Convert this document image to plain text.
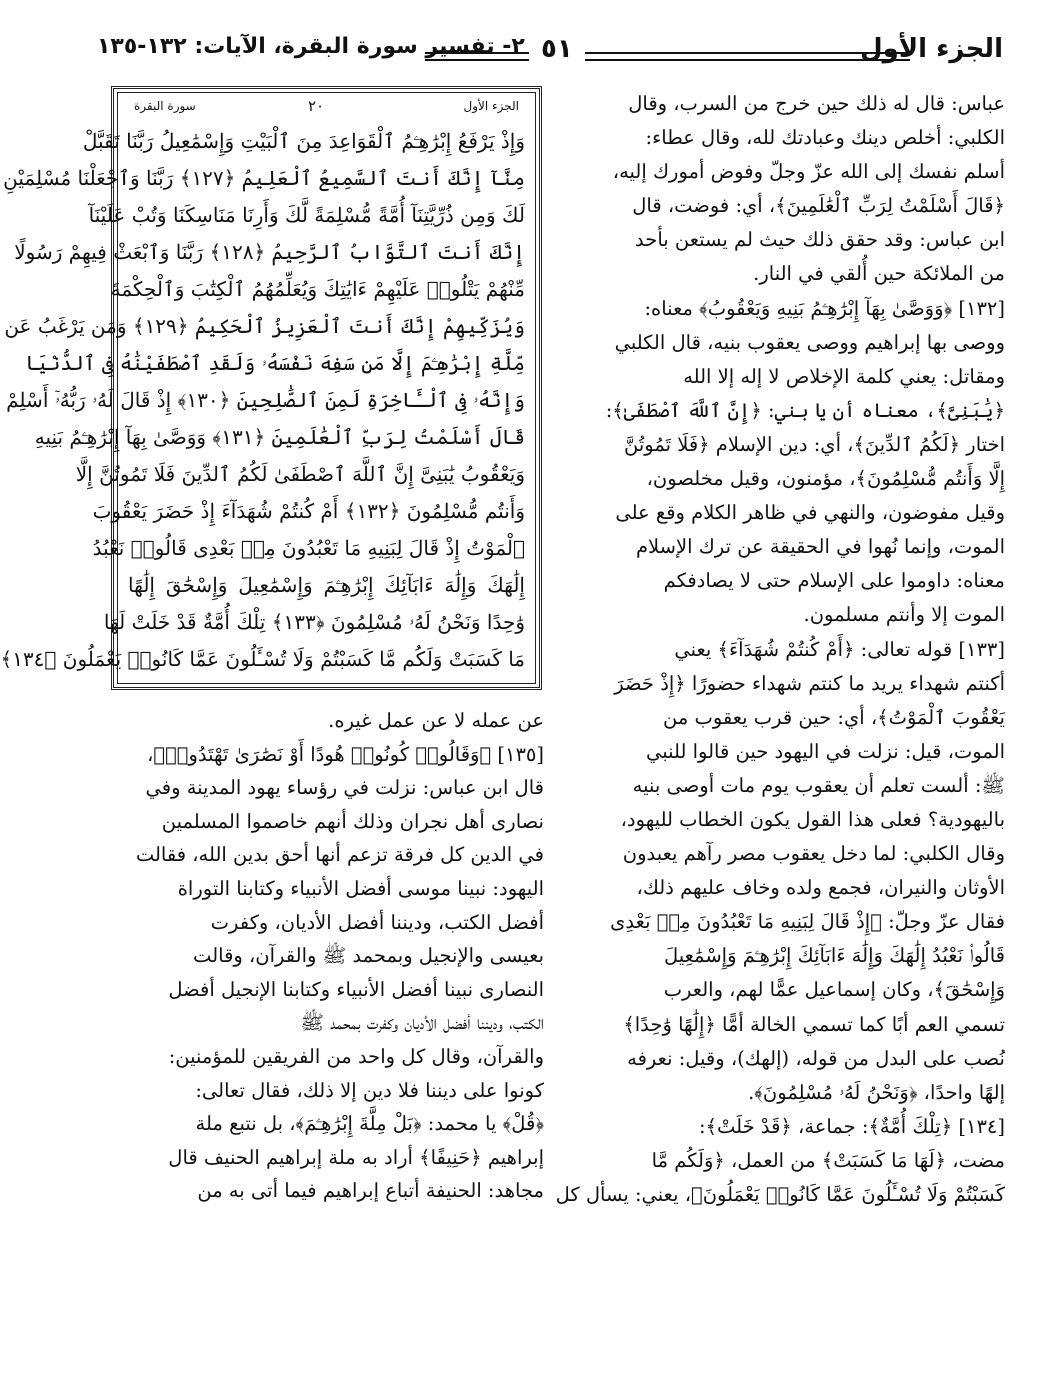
الجزء الأول
٥١
٢- تفسير سورة البقرة، الآيات: ١٣٢-١٣٥
عباس: قال له ذلك حين خرج من السرب، وقال
الكلبي: أخلص دينك وعبادتك لله، وقال عطاء:
أسلم نفسك إلى الله عزّ وجلّ وفوض أمورك إليه،
﴿قَالَ أَسْلَمْتُ لِرَبِّ ٱلْعَٰلَمِينَ﴾، أي: فوضت، قال
ابن عباس: وقد حقق ذلك حيث لم يستعن بأحد
من الملائكة حين أُلقي في النار.
[١٣٢] ﴿وَوَصَّىٰ بِهَآ إِبْرَٰهِـۧمُ بَنِيهِ وَيَعْقُوبُ﴾ معناه:
ووصى بها إبراهيم ووصى يعقوب بنيه، قال الكلبي
ومقاتل: يعني كلمة الإخلاص لا إله إلا الله
﴿يَٰبَنِىَّ﴾، معناه أن يا بني: ﴿إِنَّ ٱللَّهَ ٱصْطَفَىٰ﴾:
اختار ﴿لَكُمُ ٱلدِّينَ﴾، أي: دين الإسلام ﴿فَلَا تَمُوتُنَّ
إِلَّا وَأَنتُم مُّسْلِمُونَ﴾، مؤمنون، وقيل مخلصون،
وقيل مفوضون، والنهي في ظاهر الكلام وقع على
الموت، وإنما نُهوا في الحقيقة عن ترك الإسلام
معناه: داوموا على الإسلام حتى لا يصادفكم
الموت إلا وأنتم مسلمون.
[١٣٣] قوله تعالى: ﴿أَمْ كُنتُمْ شُهَدَآءَ﴾ يعني
أكنتم شهداء يريد ما كنتم شهداء حضورًا ﴿إِذْ حَضَرَ
يَعْقُوبَ ٱلْمَوْتُ﴾، أي: حين قرب يعقوب من
الموت، قيل: نزلت في اليهود حين قالوا للنبي
ﷺ: ألست تعلم أن يعقوب يوم مات أوصى بنيه
باليهودية؟ فعلى هذا القول يكون الخطاب لليهود،
وقال الكلبي: لما دخل يعقوب مصر رآهم يعبدون
الأوثان والنيران، فجمع ولده وخاف عليهم ذلك،
فقال عزّ وجلّ: ﴿إِذْ قَالَ لِبَنِيهِ مَا تَعْبُدُونَ مِنۢ بَعْدِى
قَالُوا۟ نَعْبُدُ إِلَٰهَكَ وَإِلَٰهَ ءَابَآئِكَ إِبْرَٰهِـۧمَ وَإِسْمَٰعِيلَ
وَإِسْحَٰقَ﴾، وكان إسماعيل عمًّا لهم، والعرب
تسمي العم أبًا كما تسمي الخالة أمًّا ﴿إِلَٰهًا وَٰحِدًا﴾
نُصب على البدل من قوله، (إلهك)، وقيل: نعرفه
إلهًا واحدًا، ﴿وَنَحْنُ لَهُۥ مُسْلِمُونَ﴾.
[١٣٤] ﴿تِلْكَ أُمَّةٌ﴾: جماعة، ﴿قَدْ خَلَتْ﴾:
مضت، ﴿لَهَا مَا كَسَبَتْ﴾ من العمل، ﴿وَلَكُم مَّا
كَسَبْتُمْ وَلَا تُسْـَٔلُونَ عَمَّا كَانُوا۟ يَعْمَلُونَ﴾، يعني: يسأل كل
الجزء الأول
٢٠
سورة البقرة
وَإِذْ يَرْفَعُ إِبْرَٰهِـۧمُ ٱلْقَوَاعِدَ مِنَ ٱلْبَيْتِ وَإِسْمَٰعِيلُ رَبَّنَا تَقَبَّلْ
مِنَّآ إِنَّكَ أَنتَ ٱلسَّمِيعُ ٱلْعَلِيمُ ﴿١٢٧﴾ رَبَّنَا وَٱجْعَلْنَا مُسْلِمَيْنِ
لَكَ وَمِن ذُرِّيَّتِنَآ أُمَّةً مُّسْلِمَةً لَّكَ وَأَرِنَا مَنَاسِكَنَا وَتُبْ عَلَيْنَآ
إِنَّكَ أَنتَ ٱلتَّوَّابُ ٱلرَّحِيمُ ﴿١٢٨﴾ رَبَّنَا وَٱبْعَثْ فِيهِمْ رَسُولًا
مِّنْهُمْ يَتْلُوا۟ عَلَيْهِمْ ءَايَٰتِكَ وَيُعَلِّمُهُمُ ٱلْكِتَٰبَ وَٱلْحِكْمَةَ
وَيُزَكِّيهِمْ إِنَّكَ أَنتَ ٱلْعَزِيزُ ٱلْحَكِيمُ ﴿١٢٩﴾ وَمَن يَرْغَبُ عَن
مِّلَّةِ إِبْرَٰهِـۧمَ إِلَّا مَن سَفِهَ نَفْسَهُۥ وَلَقَدِ ٱصْطَفَيْنَٰهُ فِى ٱلدُّنْيَا
وَإِنَّهُۥ فِى ٱلْـَٔاخِرَةِ لَمِنَ ٱلصَّٰلِحِينَ ﴿١٣٠﴾ إِذْ قَالَ لَهُۥ رَبُّهُۥٓ أَسْلِمْ
قَالَ أَسْلَمْتُ لِرَبِّ ٱلْعَٰلَمِينَ ﴿١٣١﴾ وَوَصَّىٰ بِهَآ إِبْرَٰهِـۧمُ بَنِيهِ
وَيَعْقُوبُ يَٰبَنِىَّ إِنَّ ٱللَّهَ ٱصْطَفَىٰ لَكُمُ ٱلدِّينَ فَلَا تَمُوتُنَّ إِلَّا
وَأَنتُم مُّسْلِمُونَ ﴿١٣٢﴾ أَمْ كُنتُمْ شُهَدَآءَ إِذْ حَضَرَ يَعْقُوبَ
ٱلْمَوْتُ إِذْ قَالَ لِبَنِيهِ مَا تَعْبُدُونَ مِنۢ بَعْدِى قَالُوا۟ نَعْبُدُ
إِلَٰهَكَ وَإِلَٰهَ ءَابَآئِكَ إِبْرَٰهِـۧمَ وَإِسْمَٰعِيلَ وَإِسْحَٰقَ إِلَٰهًا
وَٰحِدًا وَنَحْنُ لَهُۥ مُسْلِمُونَ ﴿١٣٣﴾ تِلْكَ أُمَّةٌ قَدْ خَلَتْ لَهَا
مَا كَسَبَتْ وَلَكُم مَّا كَسَبْتُمْ وَلَا تُسْـَٔلُونَ عَمَّا كَانُوا۟ يَعْمَلُونَ ﴿١٣٤﴾
عن عمله لا عن عمل غيره.
[١٣٥] ﴿وَقَالُوا۟ كُونُوا۟ هُودًا أَوْ نَصَٰرَىٰ تَهْتَدُوا۟﴾،
قال ابن عباس: نزلت في رؤساء يهود المدينة وفي
نصارى أهل نجران وذلك أنهم خاصموا المسلمين
في الدين كل فرقة تزعم أنها أحق بدين الله، فقالت
اليهود: نبينا موسى أفضل الأنبياء وكتابنا التوراة
أفضل الكتب، وديننا أفضل الأديان، وكفرت
بعيسى والإنجيل وبمحمد ﷺ والقرآن، وقالت
النصارى نبينا أفضل الأنبياء وكتابنا الإنجيل أفضل
الكتب، وديننا أفضل الأديان وكفرت بمحمد ﷺ
والقرآن، وقال كل واحد من الفريقين للمؤمنين:
كونوا على ديننا فلا دين إلا ذلك، فقال تعالى:
﴿قُلْ﴾ يا محمد: ﴿بَلْ مِلَّةَ إِبْرَٰهِـۧمَ﴾، بل نتبع ملة
إبراهيم ﴿حَنِيفًا﴾ أراد به ملة إبراهيم الحنيف قال
مجاهد: الحنيفة أتباع إبراهيم فيما أتى به من
